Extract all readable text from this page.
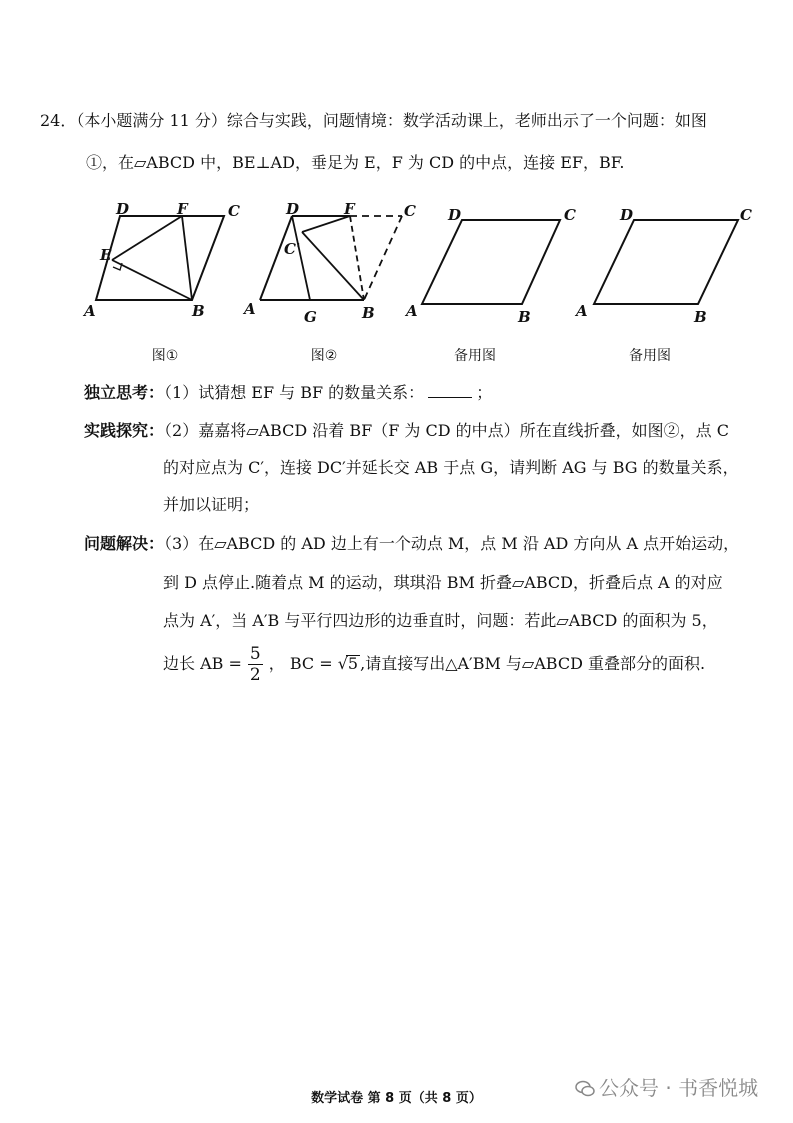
24．（本小题满分 11 分）综合与实践，问题情境：数学活动课上，老师出示了一个问题：如图
①，在▱ABCD 中，BE⊥AD，垂足为 E，F 为 CD 的中点，连接 EF，BF.
D	F	C
E
A	B
图①
D	F	C
C'
A	G	B
图②
D	C
A	B
备用图
D	C
A	B
备用图
独立思考：（1）试猜想 EF 与 BF 的数量关系：	；
实践探究：（2）嘉嘉将▱ABCD 沿着 BF（F 为 CD 的中点）所在直线折叠，如图②，点 C
的对应点为 C′，连接 DC′并延长交 AB 于点 G，请判断 AG 与 BG 的数量关系，
并加以证明；
问题解决：（3）在▱ABCD 的 AD 边上有一个动点 M，点 M 沿 AD 方向从 A 点开始运动，
到 D 点停止.随着点 M 的运动，琪琪沿 BM 折叠▱ABCD，折叠后点 A 的对应
点为 A′，当 A′B 与平行四边形的边垂直时，问题：若此▱ABCD 的面积为 5，
边长 AB = $\frac{5}{2}$ ， BC = √5 ,请直接写出△A′BM 与▱ABCD 重叠部分的面积.
公众号 · 书香悦城
数学试卷 第 8 页（共 8 页）
